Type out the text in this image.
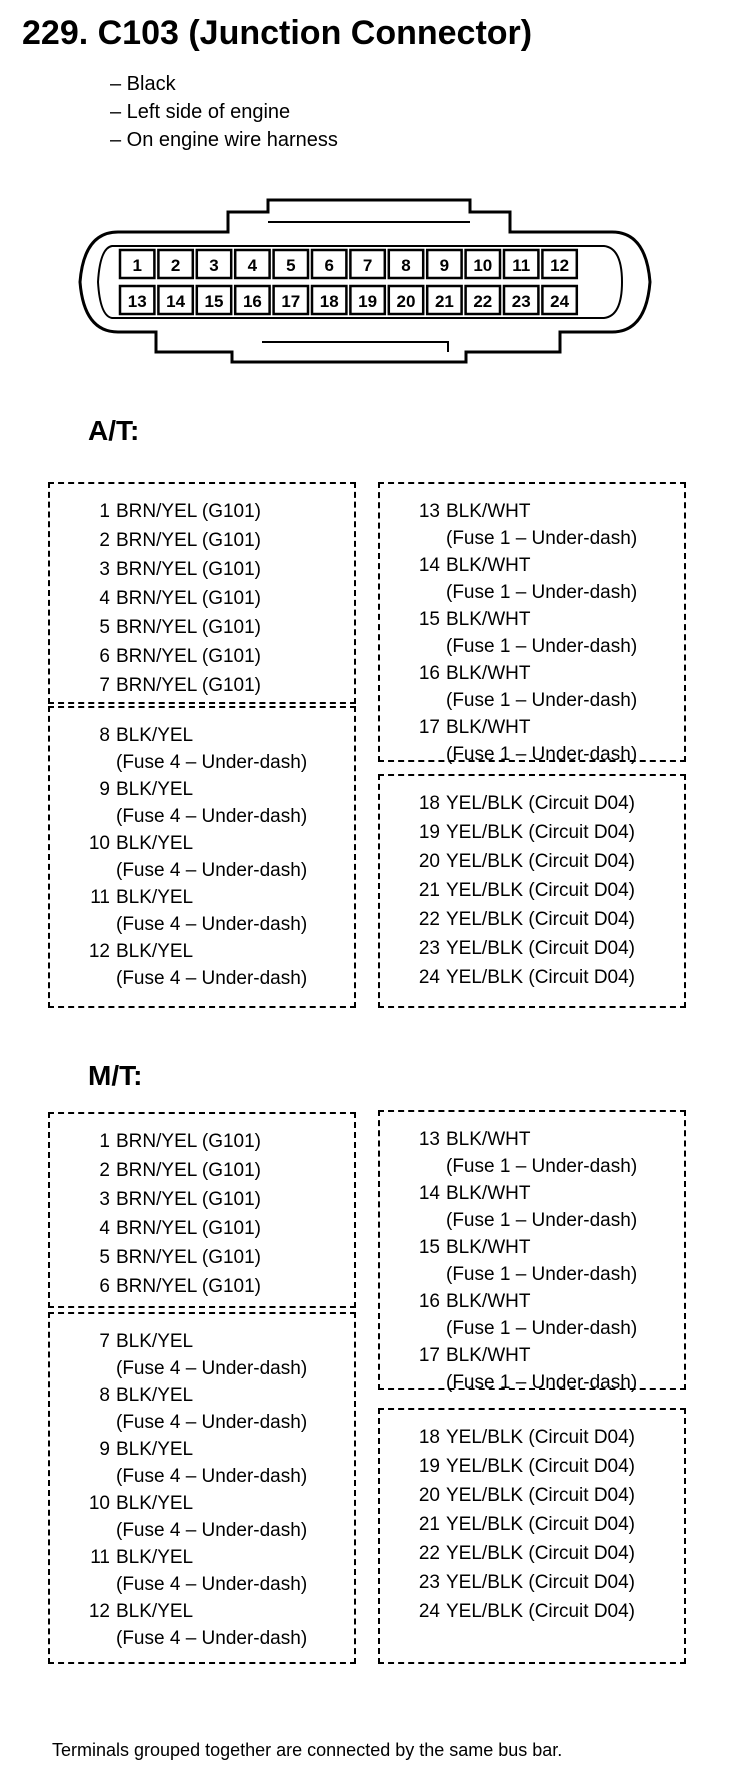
229. C103 (Junction Connector)
– Black
– Left side of engine
– On engine wire harness
1 2 3 4 5 6 7 8 9 10 11 12
13 14 15 16 17 18 19 20 21 22 23 24
A/T:
1 BRN/YEL (G101)
2 BRN/YEL (G101)
3 BRN/YEL (G101)
4 BRN/YEL (G101)
5 BRN/YEL (G101)
6 BRN/YEL (G101)
7 BRN/YEL (G101)
8 BLK/YEL
(Fuse 4 – Under-dash)
9 BLK/YEL
(Fuse 4 – Under-dash)
10 BLK/YEL
(Fuse 4 – Under-dash)
11 BLK/YEL
(Fuse 4 – Under-dash)
12 BLK/YEL
(Fuse 4 – Under-dash)
13 BLK/WHT
(Fuse 1 – Under-dash)
14 BLK/WHT
(Fuse 1 – Under-dash)
15 BLK/WHT
(Fuse 1 – Under-dash)
16 BLK/WHT
(Fuse 1 – Under-dash)
17 BLK/WHT
(Fuse 1 – Under-dash)
18 YEL/BLK (Circuit D04)
19 YEL/BLK (Circuit D04)
20 YEL/BLK (Circuit D04)
21 YEL/BLK (Circuit D04)
22 YEL/BLK (Circuit D04)
23 YEL/BLK (Circuit D04)
24 YEL/BLK (Circuit D04)
M/T:
1 BRN/YEL (G101)
2 BRN/YEL (G101)
3 BRN/YEL (G101)
4 BRN/YEL (G101)
5 BRN/YEL (G101)
6 BRN/YEL (G101)
7 BLK/YEL
(Fuse 4 – Under-dash)
8 BLK/YEL
(Fuse 4 – Under-dash)
9 BLK/YEL
(Fuse 4 – Under-dash)
10 BLK/YEL
(Fuse 4 – Under-dash)
11 BLK/YEL
(Fuse 4 – Under-dash)
12 BLK/YEL
(Fuse 4 – Under-dash)
13 BLK/WHT
(Fuse 1 – Under-dash)
14 BLK/WHT
(Fuse 1 – Under-dash)
15 BLK/WHT
(Fuse 1 – Under-dash)
16 BLK/WHT
(Fuse 1 – Under-dash)
17 BLK/WHT
(Fuse 1 – Under-dash)
18 YEL/BLK (Circuit D04)
19 YEL/BLK (Circuit D04)
20 YEL/BLK (Circuit D04)
21 YEL/BLK (Circuit D04)
22 YEL/BLK (Circuit D04)
23 YEL/BLK (Circuit D04)
24 YEL/BLK (Circuit D04)
Terminals grouped together are connected by the same bus bar.
